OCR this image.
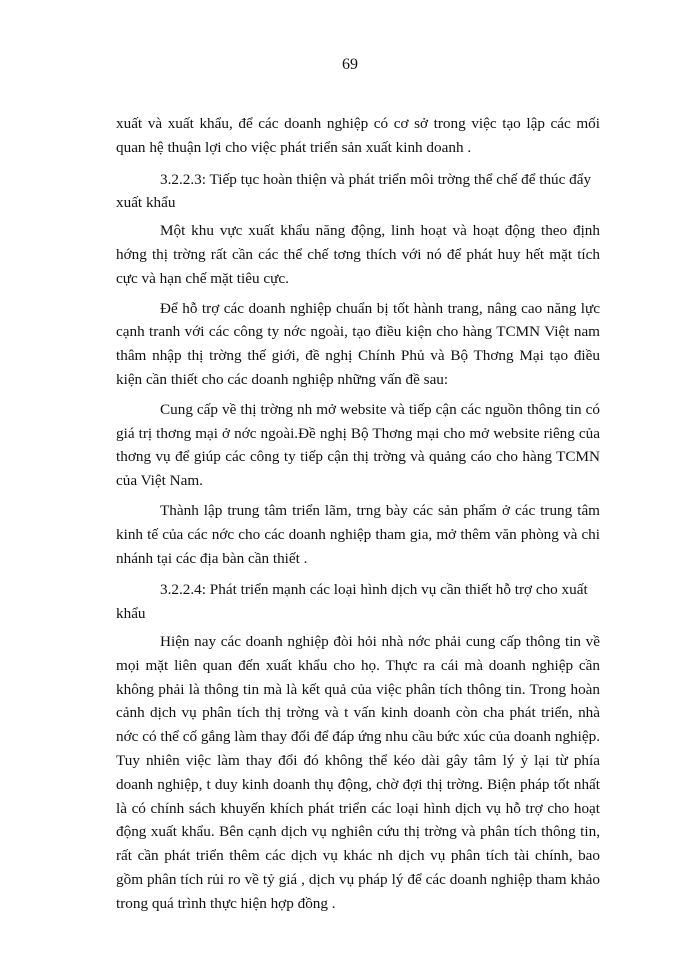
69

xuất và xuất khẩu, để các doanh nghiệp có cơ sở trong việc tạo lập các mối quan hệ thuận lợi cho việc phát triển sản xuất kinh doanh .

3.2.2.3: Tiếp tục hoàn thiện và phát triển môi trờng thể chế để thúc đẩy xuất khẩu

Một khu vực xuất khẩu năng động, linh hoạt và hoạt động theo định hớng thị trờng rất cần các thể chế tơng thích với nó để phát huy hết mặt tích cực và hạn chế mặt tiêu cực.

Để hỗ trợ các doanh nghiệp chuẩn bị tốt hành trang, nâng cao năng lực cạnh tranh với các công ty nớc ngoài, tạo điều kiện cho hàng TCMN Việt nam thâm nhập thị trờng thế giới, đề nghị Chính Phủ và Bộ Thơng Mại tạo điều kiện cần thiết cho các doanh nghiệp những vấn đề sau:

Cung cấp về thị trờng nh mở website và tiếp cận các nguồn thông tin có giá trị thơng mại ở nớc ngoài.Đề nghị Bộ Thơng mại cho mở website riêng của thơng vụ để giúp các công ty tiếp cận thị trờng và quảng cáo cho hàng TCMN của Việt Nam.

Thành lập trung tâm triển lãm, trng bày các sản phẩm ở các trung tâm kinh tế của các nớc cho các doanh nghiệp tham gia, mở thêm văn phòng và chi nhánh tại các địa bàn cần thiết .

3.2.2.4: Phát triển mạnh các loại hình dịch vụ cần thiết hỗ trợ cho xuất khẩu

Hiện nay các doanh nghiệp đòi hỏi nhà nớc phải cung cấp thông tin về mọi mặt liên quan đến xuất khẩu cho họ. Thực ra cái mà doanh nghiệp cần không phải là thông tin mà là kết quả của việc phân tích thông tin. Trong hoàn cảnh dịch vụ phân tích thị trờng và t vấn kinh doanh còn cha phát triển, nhà nớc có thể cố gắng làm thay đổi để đáp ứng nhu cầu bức xúc của doanh nghiệp. Tuy nhiên việc làm thay đổi đó không thể kéo dài gây tâm lý ỷ lại từ phía doanh nghiệp, t duy kinh doanh thụ động, chờ đợi thị trờng. Biện pháp tốt nhất là có chính sách khuyến khích phát triển các loại hình dịch vụ hỗ trợ cho hoạt động xuất khẩu. Bên cạnh dịch vụ nghiên cứu thị trờng và phân tích thông tin, rất cần phát triển thêm các dịch vụ khác nh dịch vụ phân tích tài chính, bao gồm phân tích rủi ro về tỷ giá , dịch vụ pháp lý để các doanh nghiệp tham khảo trong quá trình thực hiện hợp đồng .
